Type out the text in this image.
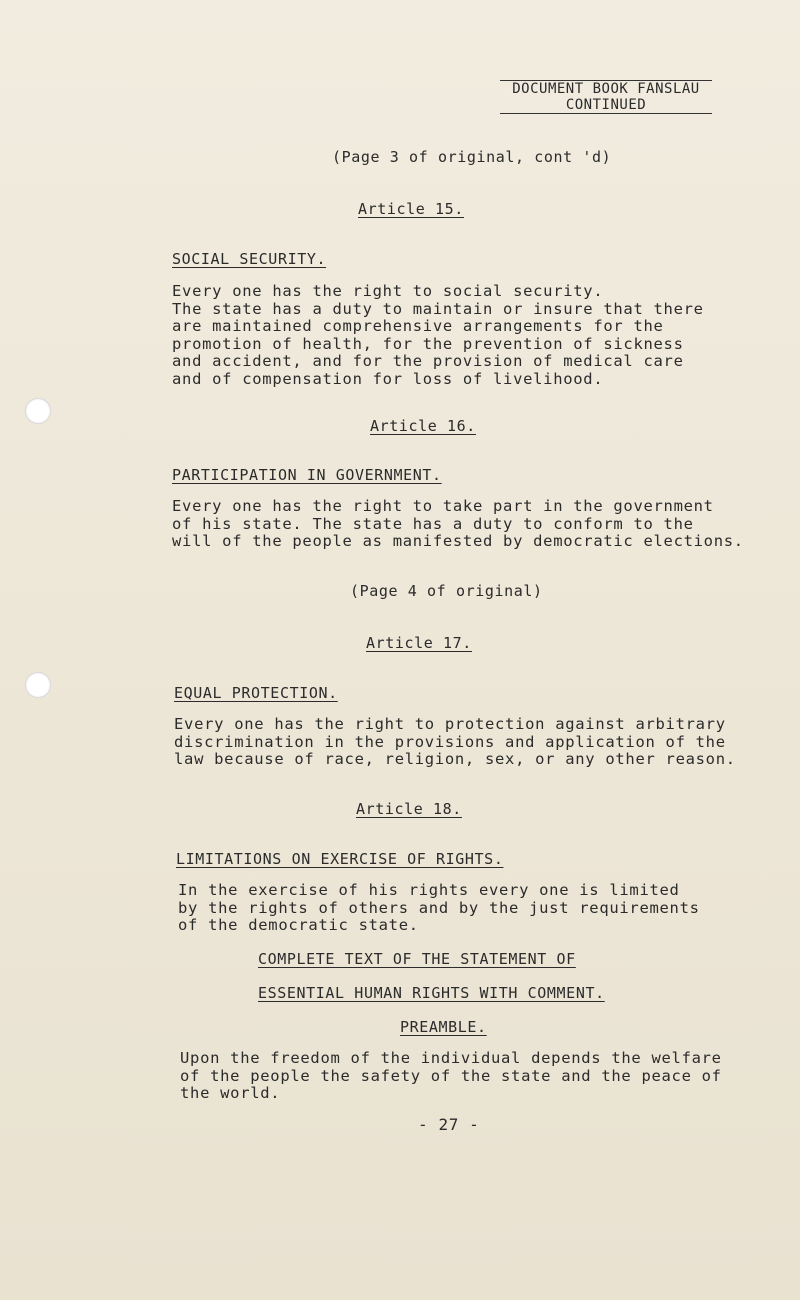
DOCUMENT BOOK FANSLAU
CONTINUED
(Page 3 of original, cont 'd)
Article 15.
SOCIAL SECURITY.
Every one has the right to social security.
The state has a duty to maintain or insure that there
are maintained comprehensive arrangements for the
promotion of health, for the prevention of sickness
and accident, and for the provision of medical care
and of compensation for loss of livelihood.
Article 16.
PARTICIPATION IN GOVERNMENT.
Every one has the right to take part in the government
of his state. The state has a duty to conform to the
will of the people as manifested by democratic elections.
(Page 4 of original)
Article 17.
EQUAL PROTECTION.
Every one has the right to protection against arbitrary
discrimination in the provisions and application of the
law because of race, religion, sex, or any other reason.
Article 18.
LIMITATIONS ON EXERCISE OF RIGHTS.
In the exercise of his rights every one is limited
by the rights of others and by the just requirements
of the democratic state.
COMPLETE TEXT OF THE STATEMENT OF
ESSENTIAL HUMAN RIGHTS WITH COMMENT.
PREAMBLE.
Upon the freedom of the individual depends the welfare
of the people the safety of the state and the peace of
the world.
- 27 -
